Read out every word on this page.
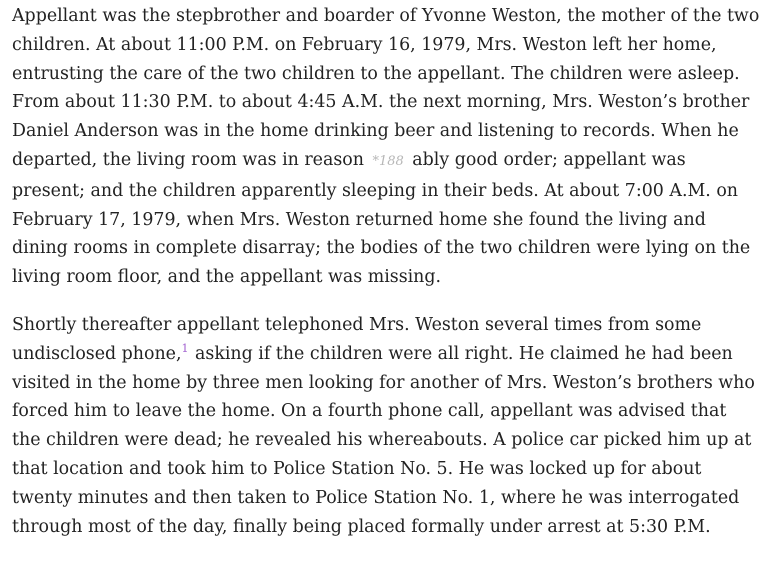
Appellant was the stepbrother and boarder of Yvonne Weston, the mother of the two children. At about 11:00 P.M. on February 16, 1979, Mrs. Weston left her home, entrusting the care of the two children to the appellant. The children were asleep. From about 11:30 P.M. to about 4:45 A.M. the next morning, Mrs. Weston’s brother Daniel Anderson was in the home drinking beer and listening to records. When he departed, the living room was in reason *188 ably good order; appellant was present; and the children apparently sleeping in their beds. At about 7:00 A.M. on February 17, 1979, when Mrs. Weston returned home she found the living and dining rooms in complete disarray; the bodies of the two children were lying on the living room floor, and the appellant was missing.

Shortly thereafter appellant telephoned Mrs. Weston several times from some undisclosed phone,$^1$ asking if the children were all right. He claimed he had been visited in the home by three men looking for another of Mrs. Weston’s brothers who forced him to leave the home. On a fourth phone call, appellant was advised that the children were dead; he revealed his whereabouts. A police car picked him up at that location and took him to Police Station No. 5. He was locked up for about twenty minutes and then taken to Police Station No. 1, where he was interrogated through most of the day, finally being placed formally under arrest at 5:30 P.M.
